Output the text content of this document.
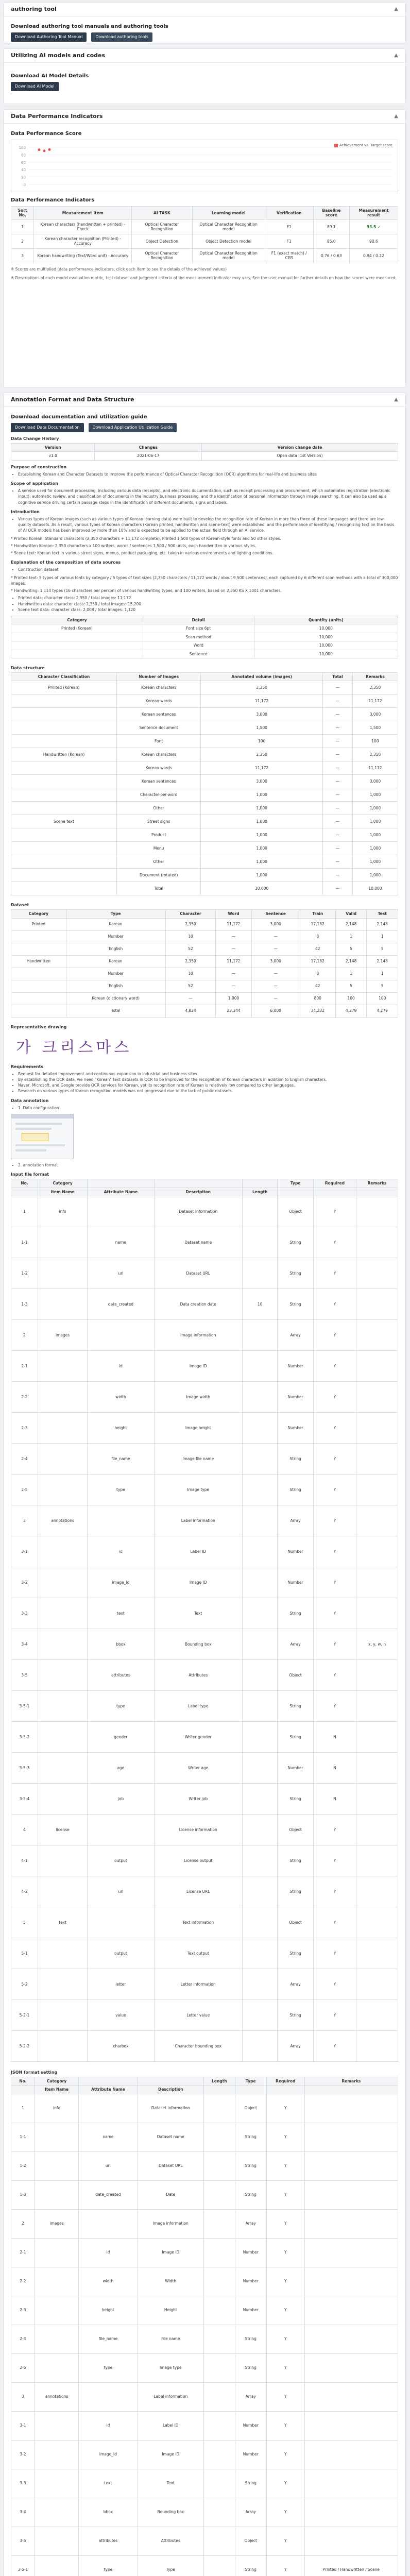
authoring tool	▲
Download authoring tool manuals and authoring tools
Download Authoring Tool Manual	Download authoring tools
Utilizing AI models and codes	▲
Download AI Model Details
Download AI Model
Data Performance Indicators	▲
Data Performance Score
Achievement vs. Target score
100
80
60
40
20
0
Data Performance Indicators
Sort No.	Measurement Item	AI TASK	Learning model	Verification	Baseline score	Measurement result
1	Korean characters (handwritten + printed) - Check	Optical Character Recognition	Optical Character Recognition model	F1	89.1	93.5 ✓
2	Korean character recognition (Printed) - Accuracy	Object Detection	Object Detection model	F1	85.0	90.6
3	Korean handwriting (Text/Word unit) - Accuracy	Optical Character Recognition	Optical Character Recognition model	F1 (exact match) / CER	0.76 / 0.63	0.94 / 0.22
※ Scores are multiplied (data performance indicators, click each item to see the details of the achieved values)
※ Descriptions of each model evaluation metric, test dataset and judgment criteria of the measurement indicator may vary. See the user manual for further details on how the scores were measured.
Annotation Format and Data Structure	▲
Download documentation and utilization guide
Download Data Documentation	Download Application Utilization Guide
Data Change History
Version	Changes	Version change date
v1.0	2021-06-17	Open data (1st Version)
Purpose of construction
• Establishing Korean and Character Datasets to Improve the performance of Optical Character Recognition (OCR) algorithms for real-life and business sites
Scope of application
• A service used for document processing, including various data (receipts), and electronic documentation, such as receipt processing and procurement, which automates registration (electronic input), automatic review, and classification of documents in the industry business processing, and the identification of personal information through image searching. It can also be used as a cognitive service driving certain passage steps in the identification of different documents, signs and labels.
Introduction
• Various types of Korean images (such as various types of Korean learning data) were built to develop the recognition rate of Korean in more than three of these languages and there are low-quality datasets. As a result, various types of Korean characters (Korean printed, handwritten and scene-text) were established, and the performance of identifying / recognizing text on the basis of AI OCR models has been improved by more than 10% and is expected to be applied to the actual field through an AI service.

* Printed Korean: Standard characters (2,350 characters + 11,172 complete), Printed 1,500 types of Korean-style fonts and 50 other styles.

* Handwritten Korean: 2,350 characters x 100 writers, words / sentences 1,500 / 500 units, each handwritten in various styles.

* Scene text: Korean text in various street signs, menus, product packaging, etc. taken in various environments and lighting conditions.

Explanation of the composition of data sources
• Construction dataset

* Printed text: 5 types of various fonts by category / 5 types of text sizes (2,350 characters / 11,172 words / about 9,500 sentences), each captured by 6 different scan methods with a total of 300,000 images.

* Handwriting: 1,114 types (16 characters per person) of various handwriting types, and 100 writers, based on 2,350 KS X 1001 characters.

• Printed data: character class: 2,350 / total images: 11,172
• Handwritten data: character class: 2,350 / total images: 15,200
• Scene text data: character class: 2,008 / total images: 1,120
Category	Detail	Quantity (units)
Printed (Korean)	Font size 6pt	10,000
	Scan method	10,000
	Word	10,000
	Sentence	10,000
Data structure
Character Classification	Number of Images	Annotated volume (images)	Total	Remarks
Printed (Korean)	Korean characters	2,350	—	2,350
	Korean words	11,172	—	11,172
	Korean sentences	3,000	—	3,000
	Sentence document	1,500	—	1,500
	Font	100	—	100
Handwritten (Korean)	Korean characters	2,350	—	2,350
	Korean words	11,172	—	11,172
	Korean sentences	3,000	—	3,000
	Character-per-word	1,000	—	1,000
	Other	1,000	—	1,000
Scene text	Street signs	1,000	—	1,000
	Product	1,000	—	1,000
	Menu	1,000	—	1,000
	Other	1,000	—	1,000
	Document (rotated)	1,000	—	1,000
	Total	10,000	—	10,000
Dataset
Category	Type	Character	Word	Sentence	Train	Valid	Test
Printed	Korean	2,350	11,172	3,000	17,182	2,148	2,148
	Number	10	—	—	8	1	1
	English	52	—	—	42	5	5
Handwritten	Korean	2,350	11,172	3,000	17,182	2,148	2,148
	Number	10	—	—	8	1	1
	English	52	—	—	42	5	5
	Korean (dictionary word)	—	1,000	—	800	100	100
	Total	4,824	23,344	6,000	34,232	4,279	4,279
Representative drawing
가 크리스마스
Requirements
• Request for detailed improvement and continuous expansion in industrial and business sites.
• By establishing the OCR data, we need "Korean" text datasets in OCR to be improved for the recognition of Korean characters in addition to English characters.
• Naver, Microsoft, and Google provide OCR services for Korean, yet its recognition rate of Korean is relatively low compared to other languages.
• Research on various types of Korean recognition models was not progressed due to the lack of public datasets.
Data annotation
• 1. Data configuration
• 2. annotation format
Input file format
No.	Category				Type	Required	Remarks
	Item Name	Attribute Name	Description	Length			
1	info		Dataset information		Object	Y	
1-1		name	Dataset name		String	Y	
1-2		url	Dataset URL		String	Y	
1-3		date_created	Data creation date	10	String	Y	
2	images		Image information		Array	Y	
2-1		id	Image ID		Number	Y	
2-2		width	Image width		Number	Y	
2-3		height	Image height		Number	Y	
2-4		file_name	Image file name		String	Y	
2-5		type	Image type		String	Y	
3	annotations		Label information		Array	Y	
3-1		id	Label ID		Number	Y	
3-2		image_id	Image ID		Number	Y	
3-3		text	Text		String	Y	
3-4		bbox	Bounding box		Array	Y	x, y, w, h
3-5		attributes	Attributes		Object	Y	
3-5-1		type	Label type		String	Y	
3-5-2		gender	Writer gender		String	N	
3-5-3		age	Writer age		Number	N	
3-5-4		job	Writer job		String	N	
4	license		License information		Object	Y	
4-1		output	License output		String	Y	
4-2		url	License URL		String	Y	
5	text		Text information		Object	Y	
5-1		output	Text output		String	Y	
5-2		letter	Letter information		Array	Y	
5-2-1		value	Letter value		String	Y	
5-2-2		charbox	Character bounding box		Array	Y	
JSON format setting
No.	Category			Length	Type	Required	Remarks
	Item Name	Attribute Name	Description				
1	info		Dataset information		Object	Y	
1-1		name	Dataset name		String	Y	
1-2		url	Dataset URL		String	Y	
1-3		date_created	Date		String	Y	
2	images		Image information		Array	Y	
2-1		id	Image ID		Number	Y	
2-2		width	Width		Number	Y	
2-3		height	Height		Number	Y	
2-4		file_name	File name		String	Y	
2-5		type	Image type		String	Y	
3	annotations		Label information		Array	Y	
3-1		id	Label ID		Number	Y	
3-2		image_id	Image ID		Number	Y	
3-3		text	Text		String	Y	
3-4		bbox	Bounding box		Array	Y	
3-5		attributes	Attributes		Object	Y	
3-5-1		type	Type		String	Y	Printed / Handwritten / Scene
